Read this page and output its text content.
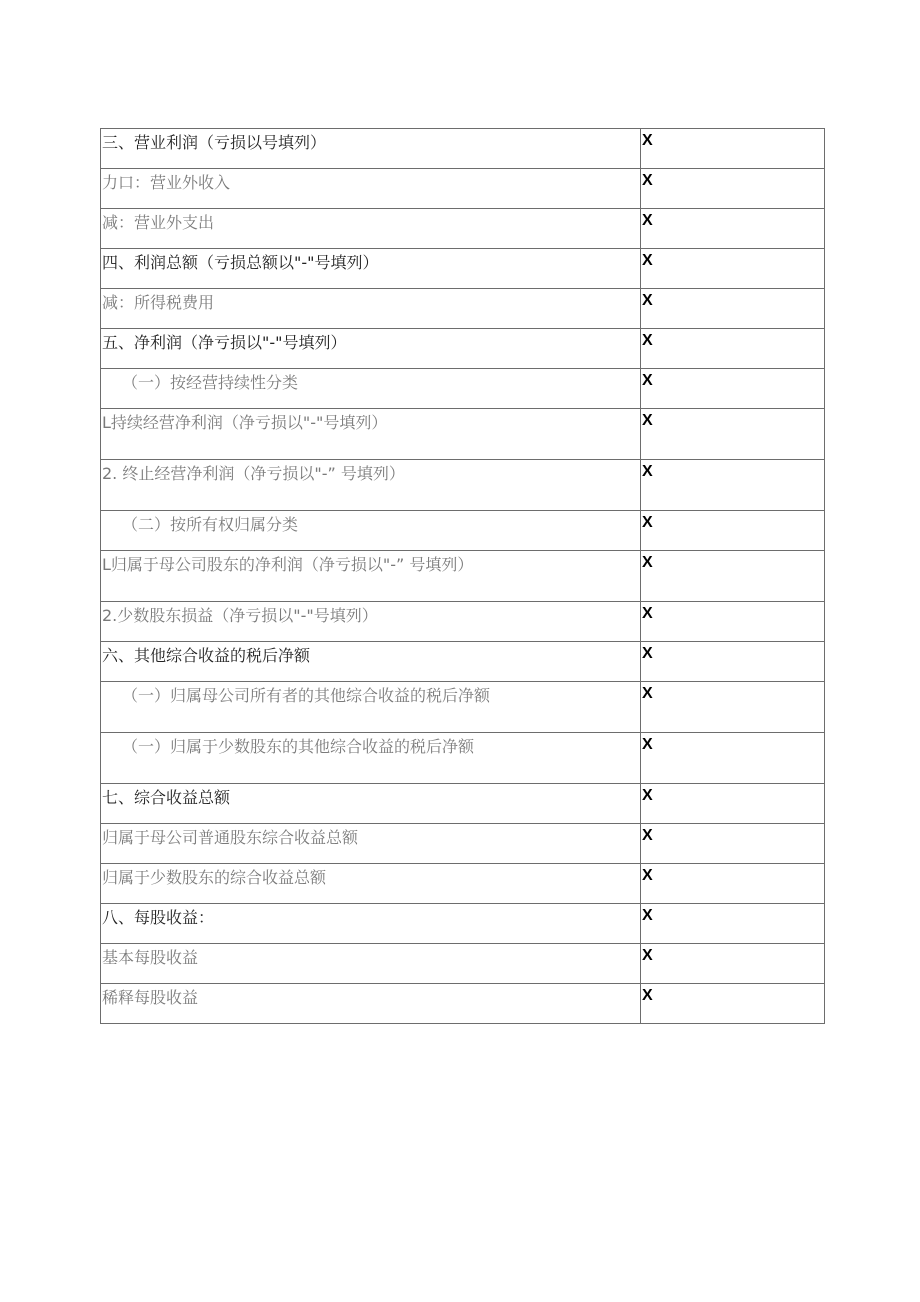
三、营业利润（亏损以号填列）	X
力口：营业外收入	X
减：营业外支出	X
四、利润总额（亏损总额以"-"号填列）	X
减：所得税费用	X
五、净利润（净亏损以"-"号填列）	X
（一）按经营持续性分类	X
L持续经营净利润（净亏损以"-"号填列）	X
2. 终止经营净利润（净亏损以"-” 号填列）	X
（二）按所有权归属分类	X
L归属于母公司股东的净利润（净亏损以"-” 号填列）	X
2.少数股东损益（净亏损以"-"号填列）	X
六、其他综合收益的税后净额	X
（一）归属母公司所有者的其他综合收益的税后净额	X
（一）归属于少数股东的其他综合收益的税后净额	X
七、综合收益总额	X
归属于母公司普通股东综合收益总额	X
归属于少数股东的综合收益总额	X
八、每股收益：	X
基本每股收益	X
稀释每股收益	X
